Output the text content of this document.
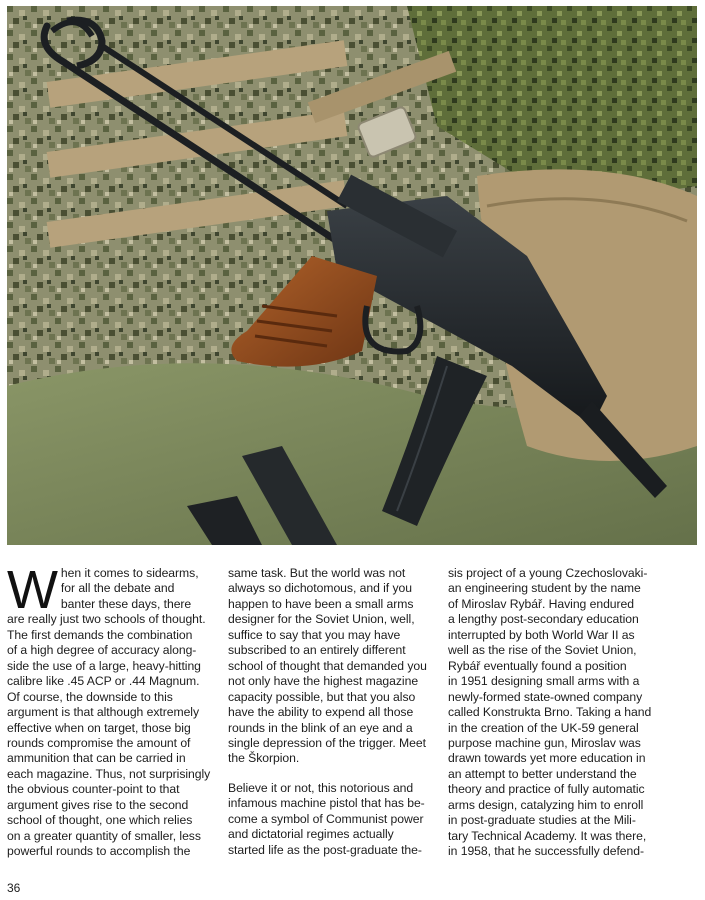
W hen it comes to sidearms,
for all the debate and
banter these days, there
are really just two schools of thought.
The first demands the combination
of a high degree of accuracy along-
side the use of a large, heavy-hitting
calibre like .45 ACP or .44 Magnum.
Of course, the downside to this
argument is that although extremely
effective when on target, those big
rounds compromise the amount of
ammunition that can be carried in
each magazine. Thus, not surprisingly
the obvious counter-point to that
argument gives rise to the second
school of thought, one which relies
on a greater quantity of smaller, less
powerful rounds to accomplish the

same task. But the world was not
always so dichotomous, and if you
happen to have been a small arms
designer for the Soviet Union, well,
suffice to say that you may have
subscribed to an entirely different
school of thought that demanded you
not only have the highest magazine
capacity possible, but that you also
have the ability to expend all those
rounds in the blink of an eye and a
single depression of the trigger. Meet
the Škorpion.

Believe it or not, this notorious and
infamous machine pistol that has be-
come a symbol of Communist power
and dictatorial regimes actually
started life as the post-graduate the-

sis project of a young Czechoslovaki-
an engineering student by the name
of Miroslav Rybář. Having endured
a lengthy post-secondary education
interrupted by both World War II as
well as the rise of the Soviet Union,
Rybář eventually found a position
in 1951 designing small arms with a
newly-formed state-owned company
called Konstrukta Brno. Taking a hand
in the creation of the UK-59 general
purpose machine gun, Miroslav was
drawn towards yet more education in
an attempt to better understand the
theory and practice of fully automatic
arms design, catalyzing him to enroll
in post-graduate studies at the Mili-
tary Technical Academy. It was there,
in 1958, that he successfully defend-
36
